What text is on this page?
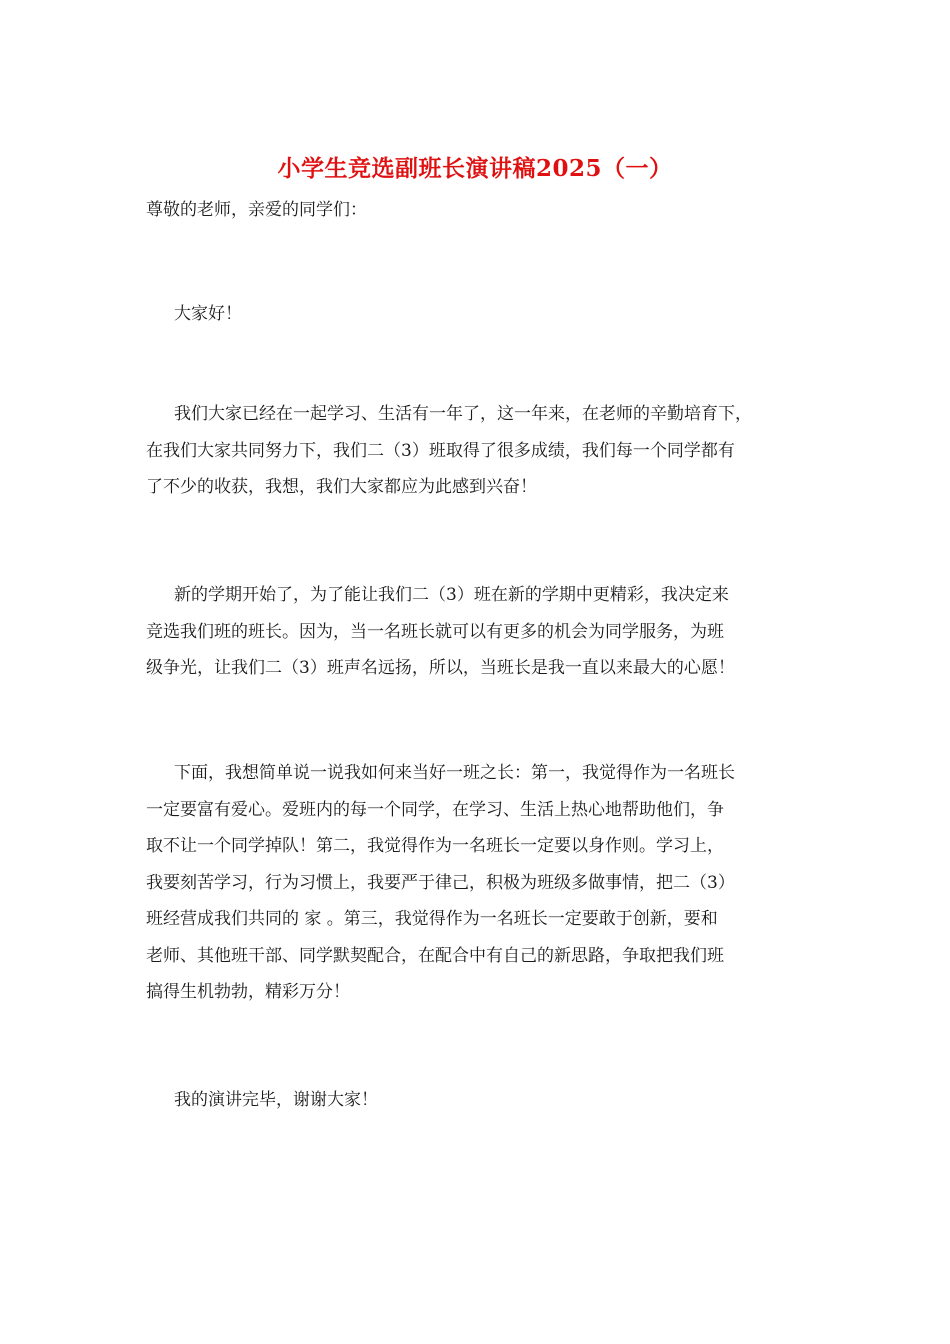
小学生竞选副班长演讲稿2025（一）
尊敬的老师，亲爱的同学们：

大家好！

我们大家已经在一起学习、生活有一年了，这一年来，在老师的辛勤培育下，
在我们大家共同努力下，我们二（3）班取得了很多成绩，我们每一个同学都有
了不少的收获，我想，我们大家都应为此感到兴奋！

新的学期开始了，为了能让我们二（3）班在新的学期中更精彩，我决定来
竞选我们班的班长。因为，当一名班长就可以有更多的机会为同学服务，为班
级争光，让我们二（3）班声名远扬，所以，当班长是我一直以来最大的心愿！

下面，我想简单说一说我如何来当好一班之长：第一，我觉得作为一名班长
一定要富有爱心。爱班内的每一个同学，在学习、生活上热心地帮助他们，争
取不让一个同学掉队！第二，我觉得作为一名班长一定要以身作则。学习上，
我要刻苦学习，行为习惯上，我要严于律己，积极为班级多做事情，把二（3）
班经营成我们共同的 家 。第三，我觉得作为一名班长一定要敢于创新，要和
老师、其他班干部、同学默契配合，在配合中有自己的新思路，争取把我们班
搞得生机勃勃，精彩万分！

我的演讲完毕，谢谢大家！
